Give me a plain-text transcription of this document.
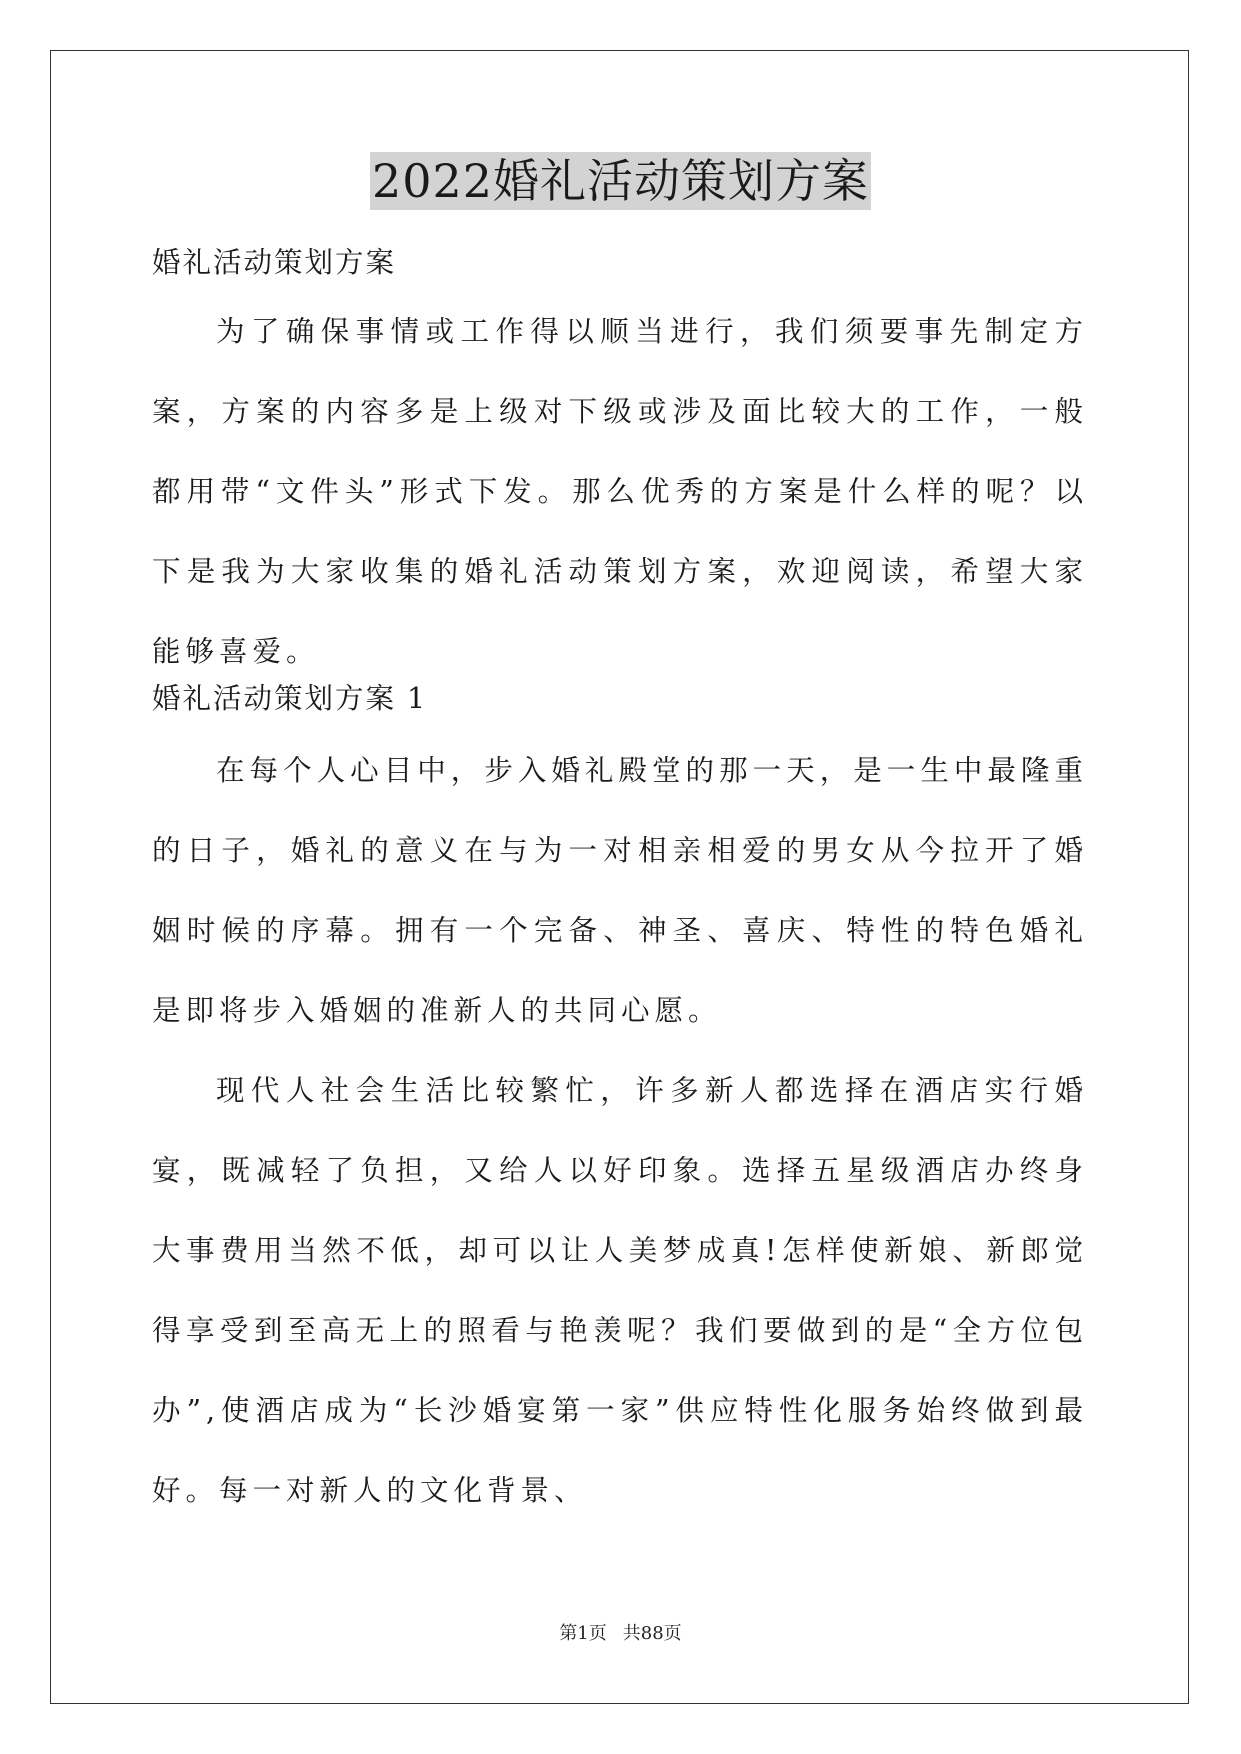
2022婚礼活动策划方案
婚礼活动策划方案

为了确保事情或工作得以顺当进行，我们须要事先制定方案，方案的内容多是上级对下级或涉及面比较大的工作，一般都用带“文件头”形式下发。那么优秀的方案是什么样的呢？以下是我为大家收集的婚礼活动策划方案，欢迎阅读，希望大家能够喜爱。

婚礼活动策划方案 1

在每个人心目中，步入婚礼殿堂的那一天，是一生中最隆重的日子，婚礼的意义在与为一对相亲相爱的男女从今拉开了婚姻时候的序幕。拥有一个完备、神圣、喜庆、特性的特色婚礼是即将步入婚姻的准新人的共同心愿。

现代人社会生活比较繁忙，许多新人都选择在酒店实行婚宴，既减轻了负担，又给人以好印象。选择五星级酒店办终身大事费用当然不低，却可以让人美梦成真!怎样使新娘、新郎觉得享受到至高无上的照看与艳羡呢？我们要做到的是“全方位包办”,使酒店成为“长沙婚宴第一家”供应特性化服务始终做到最好。每一对新人的文化背景、

第1页 共88页
